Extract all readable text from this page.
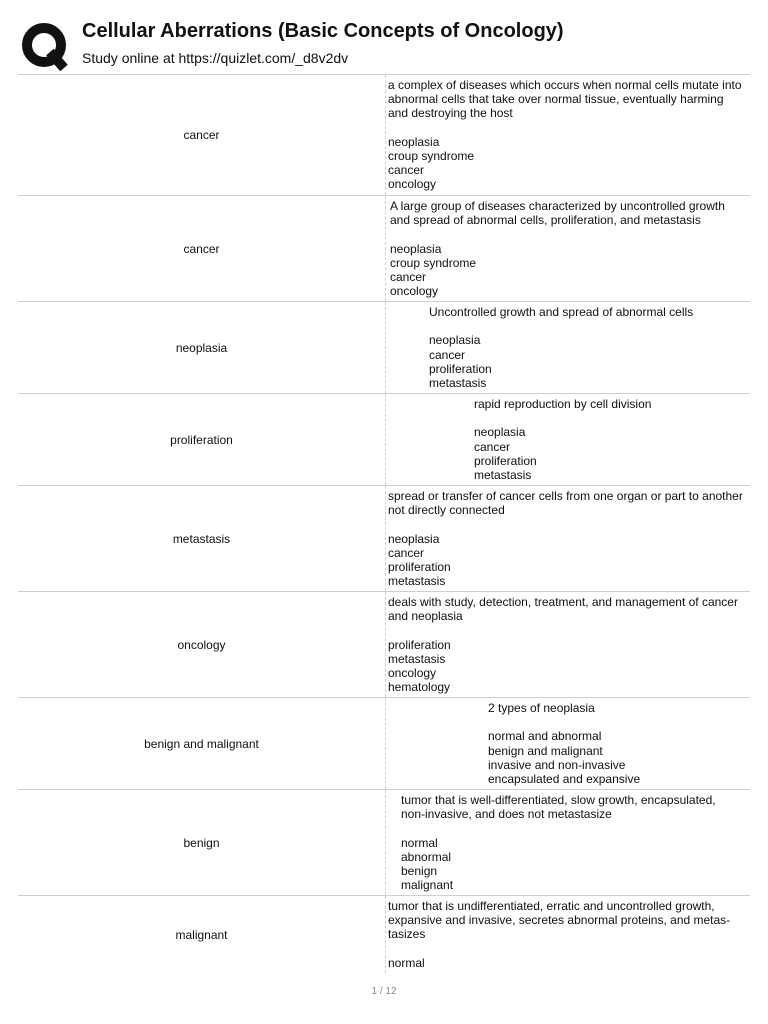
Cellular Aberrations (Basic Concepts of Oncology)
Study online at https://quizlet.com/_d8v2dv
cancer
a complex of diseases which occurs when normal cells mutate into
abnormal cells that take over normal tissue, eventually harming
and destroying the host
neoplasia
croup syndrome
cancer
oncology
cancer
A large group of diseases characterized by uncontrolled growth
and spread of abnormal cells, proliferation, and metastasis
neoplasia
croup syndrome
cancer
oncology
neoplasia
Uncontrolled growth and spread of abnormal cells
neoplasia
cancer
proliferation
metastasis
proliferation
rapid reproduction by cell division
neoplasia
cancer
proliferation
metastasis
metastasis
spread or transfer of cancer cells from one organ or part to another
not directly connected
neoplasia
cancer
proliferation
metastasis
oncology
deals with study, detection, treatment, and management of cancer
and neoplasia
proliferation
metastasis
oncology
hematology
benign and malignant
2 types of neoplasia
normal and abnormal
benign and malignant
invasive and non-invasive
encapsulated and expansive
benign
tumor that is well-differentiated, slow growth, encapsulated,
non-invasive, and does not metastasize
normal
abnormal
benign
malignant
malignant
tumor that is undifferentiated, erratic and uncontrolled growth,
expansive and invasive, secretes abnormal proteins, and metas-
tasizes
normal
1 / 12
